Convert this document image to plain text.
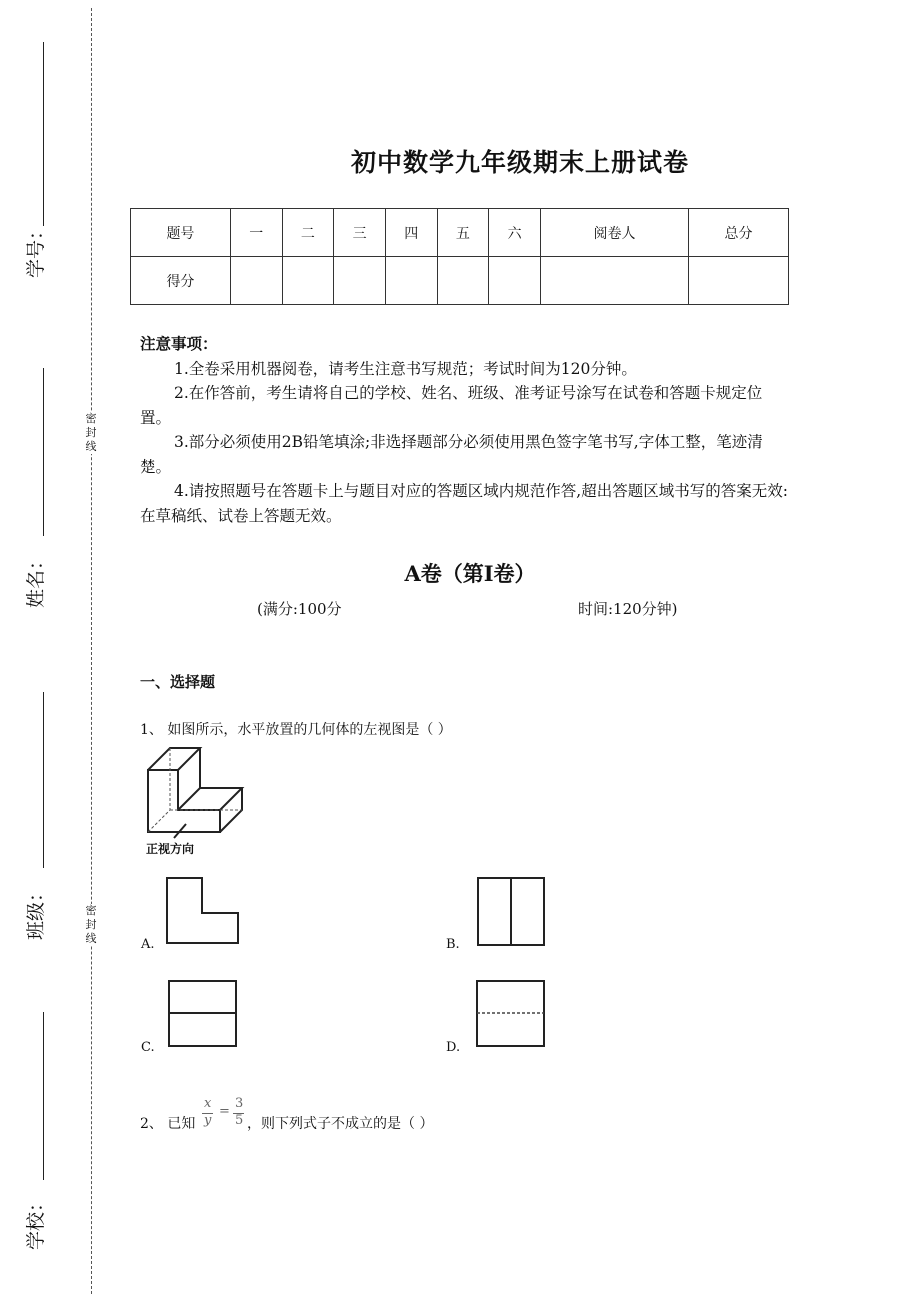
学号：
姓名：
班级：
学校：
密封线
密封线
初中数学九年级期末上册试卷
题号	一	二	三	四	五	六	阅卷人	总分
得分								
注意事项：

1.全卷采用机器阅卷，请考生注意书写规范；考试时间为120分钟。

2.在作答前，考生请将自己的学校、姓名、班级、准考证号涂写在试卷和答题卡规定位置。

3.部分必须使用2B铅笔填涂;非选择题部分必须使用黑色签字笔书写,字体工整，笔迹清楚。

4.请按照题号在答题卡上与题目对应的答题区域内规范作答,超出答题区域书写的答案无效:在草稿纸、试卷上答题无效。

A卷（第Ⅰ卷）
(满分:100分	时间:120分钟)
一、选择题
1、 如图所示，水平放置的几何体的左视图是（ ）
正视方向
A.	B.
C.	D.
2、 已知
x
y
=
3
5 ，则下列式子不成立的是（ ）
